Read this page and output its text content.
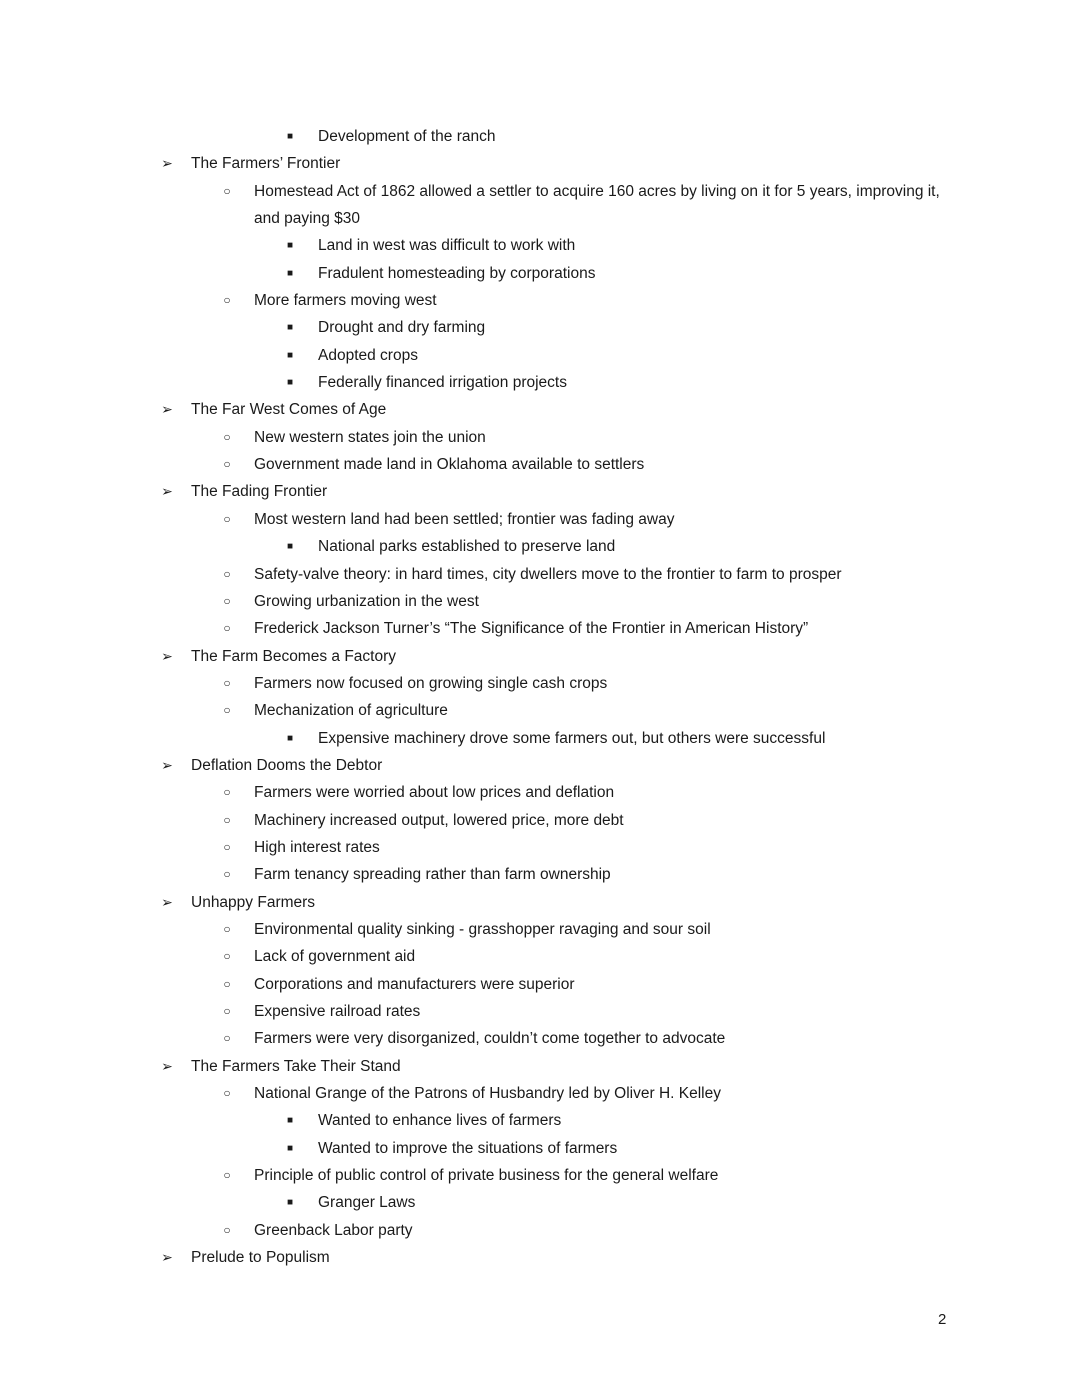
■	Development of the ranch
➢ The Farmers’ Frontier
○ Homestead Act of 1862 allowed a settler to acquire 160 acres by living on it for 5 years, improving it, and paying $30
■	Land in west was difficult to work with
■	Fradulent homesteading by corporations
○ More farmers moving west
■	Drought and dry farming
■	Adopted crops
■	Federally financed irrigation projects
➢ The Far West Comes of Age
○ New western states join the union
○ Government made land in Oklahoma available to settlers
➢ The Fading Frontier
○ Most western land had been settled; frontier was fading away
■	National parks established to preserve land
○ Safety-valve theory: in hard times, city dwellers move to the frontier to farm to prosper
○ Growing urbanization in the west
○ Frederick Jackson Turner’s “The Significance of the Frontier in American History”
➢ The Farm Becomes a Factory
○ Farmers now focused on growing single cash crops
○ Mechanization of agriculture
■	Expensive machinery drove some farmers out, but others were successful
➢ Deflation Dooms the Debtor
○ Farmers were worried about low prices and deflation
○ Machinery increased output, lowered price, more debt
○ High interest rates
○ Farm tenancy spreading rather than farm ownership
➢ Unhappy Farmers
○ Environmental quality sinking - grasshopper ravaging and sour soil
○ Lack of government aid
○ Corporations and manufacturers were superior
○ Expensive railroad rates
○ Farmers were very disorganized, couldn’t come together to advocate
➢ The Farmers Take Their Stand
○ National Grange of the Patrons of Husbandry led by Oliver H. Kelley
■	Wanted to enhance lives of farmers
■	Wanted to improve the situations of farmers
○ Principle of public control of private business for the general welfare
■	Granger Laws
○ Greenback Labor party
➢ Prelude to Populism
2
